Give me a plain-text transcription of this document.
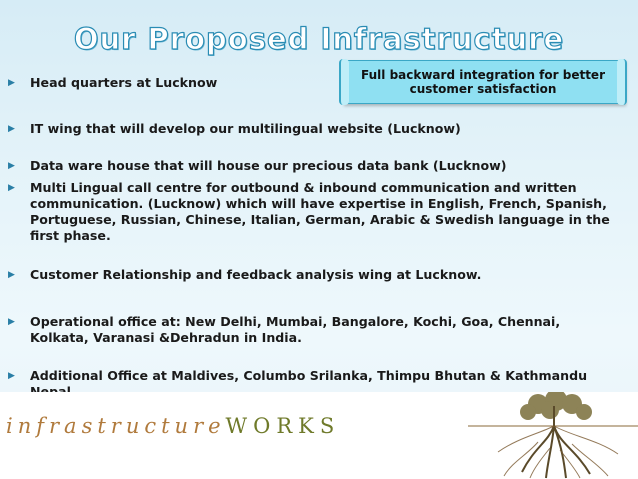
Our Proposed Infrastructure
Full backward integration for better customer satisfaction
▶	Head quarters at Lucknow
▶	IT wing that will develop our multilingual website (Lucknow)
▶	Data ware house that will house our precious data bank (Lucknow)
▶	Multi Lingual call centre for outbound & inbound communication and written communication. (Lucknow) which will have expertise in English, French, Spanish, Portuguese, Russian, Chinese, Italian, German, Arabic & Swedish language in the first phase.
▶	Customer Relationship and feedback analysis wing at Lucknow.
▶	Operational office at: New Delhi, Mumbai, Bangalore, Kochi, Goa, Chennai, Kolkata, Varanasi &Dehradun in India.
▶	Additional Office at Maldives, Columbo Srilanka, Thimpu Bhutan & Kathmandu
infrastructureWORKS
